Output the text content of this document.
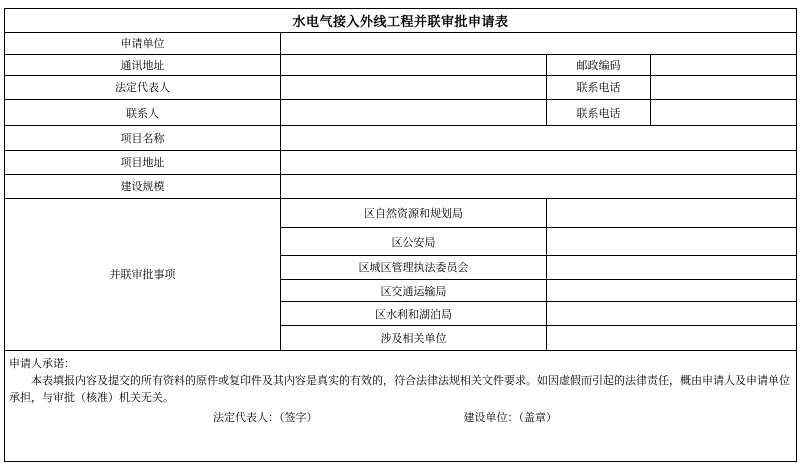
水电气接入外线工程并联审批申请表			
申请单位			
通讯地址		邮政编码	
法定代表人		联系电话	
联系人		联系电话	
项目名称			
项目地址			
建设规模			
并联审批事项	区自然资源和规划局		
	区公安局		
	区城区管理执法委员会		
	区交通运输局		
	区水利和湖泊局		
	涉及相关单位		

申请人承诺：
本表填报内容及提交的所有资料的原件或复印件及其内容是真实的有效的，符合法律法规相关文件要求。如因虚假而引起的法律责任，概由申请人及申请单位承担，与审批（核准）机关无关。
法定代表人：（签字） 建设单位：（盖章）			
